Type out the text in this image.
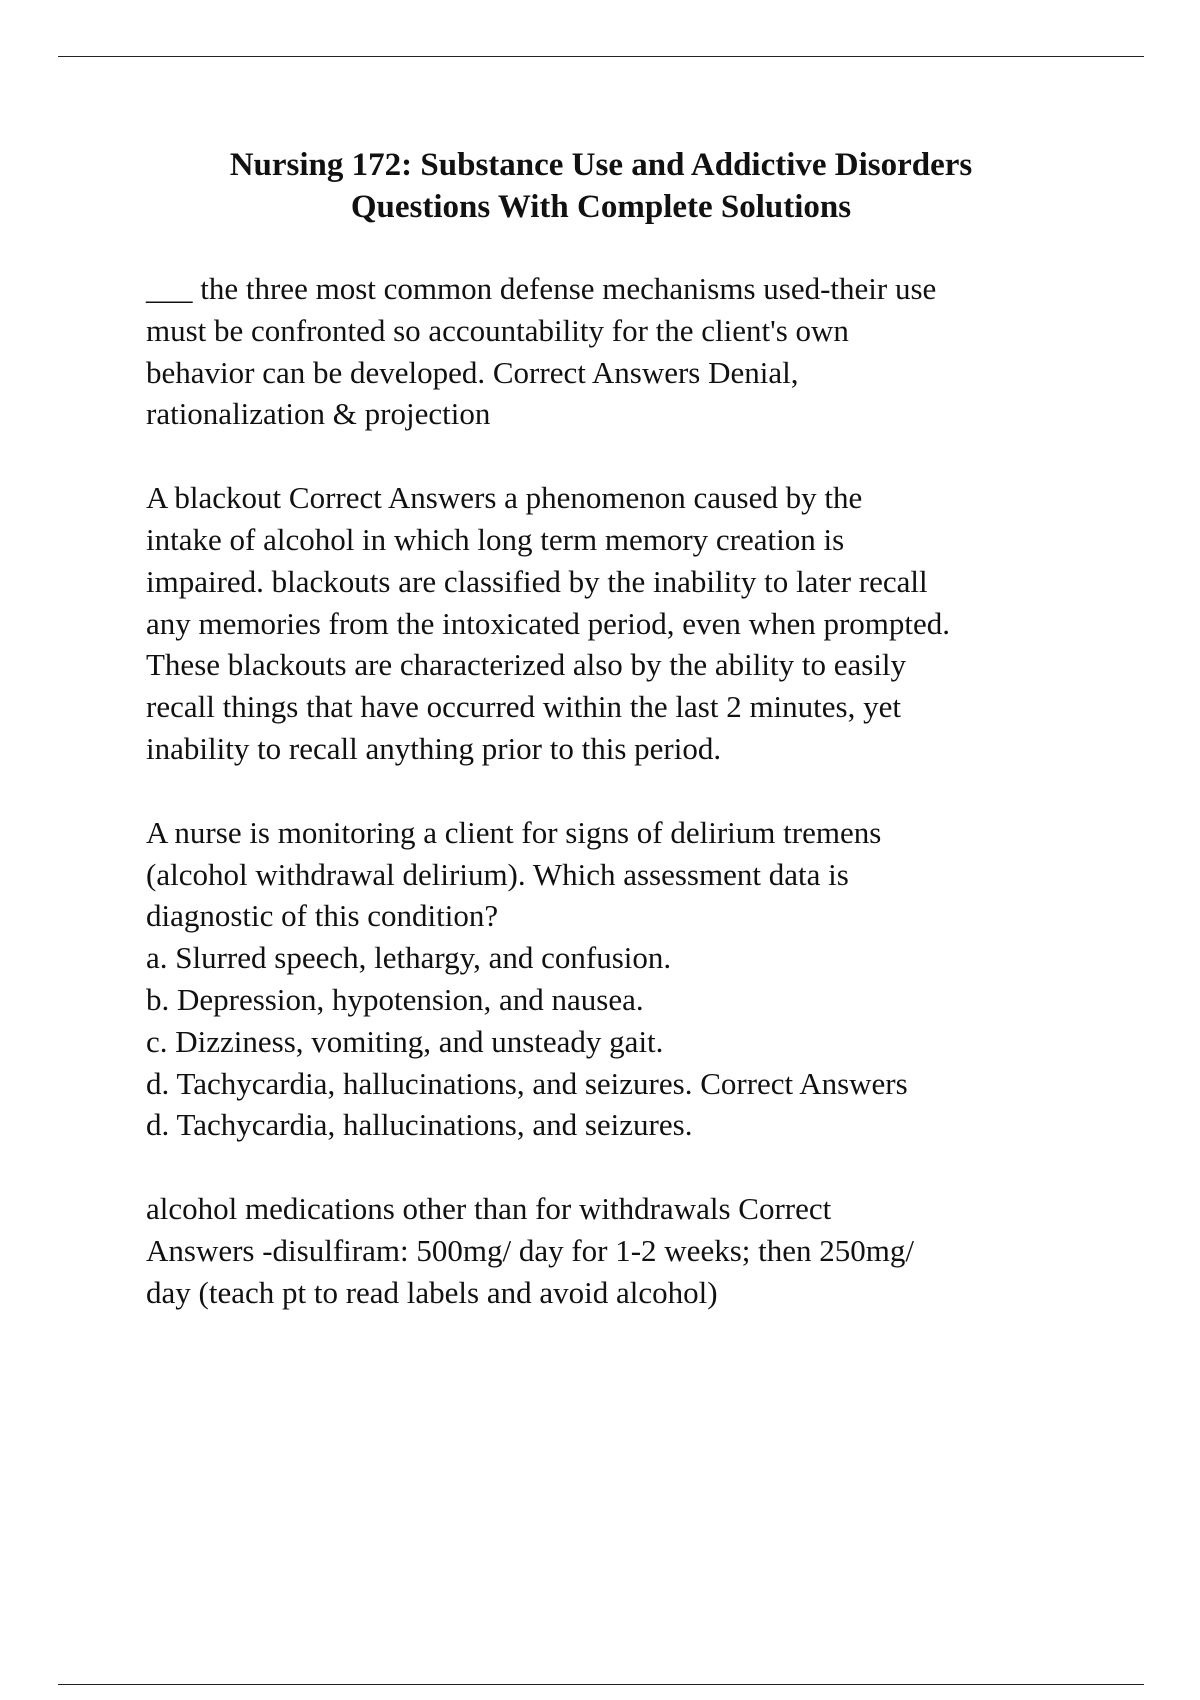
Nursing 172: Substance Use and Addictive Disorders
Questions With Complete Solutions

___ the three most common defense mechanisms used-their use
must be confronted so accountability for the client's own
behavior can be developed. Correct Answers Denial,
rationalization & projection

A blackout Correct Answers a phenomenon caused by the
intake of alcohol in which long term memory creation is
impaired. blackouts are classified by the inability to later recall
any memories from the intoxicated period, even when prompted.
These blackouts are characterized also by the ability to easily
recall things that have occurred within the last 2 minutes, yet
inability to recall anything prior to this period.

A nurse is monitoring a client for signs of delirium tremens
(alcohol withdrawal delirium). Which assessment data is
diagnostic of this condition?
a. Slurred speech, lethargy, and confusion.
b. Depression, hypotension, and nausea.
c. Dizziness, vomiting, and unsteady gait.
d. Tachycardia, hallucinations, and seizures. Correct Answers
d. Tachycardia, hallucinations, and seizures.

alcohol medications other than for withdrawals Correct
Answers -disulfiram: 500mg/ day for 1-2 weeks; then 250mg/
day (teach pt to read labels and avoid alcohol)
